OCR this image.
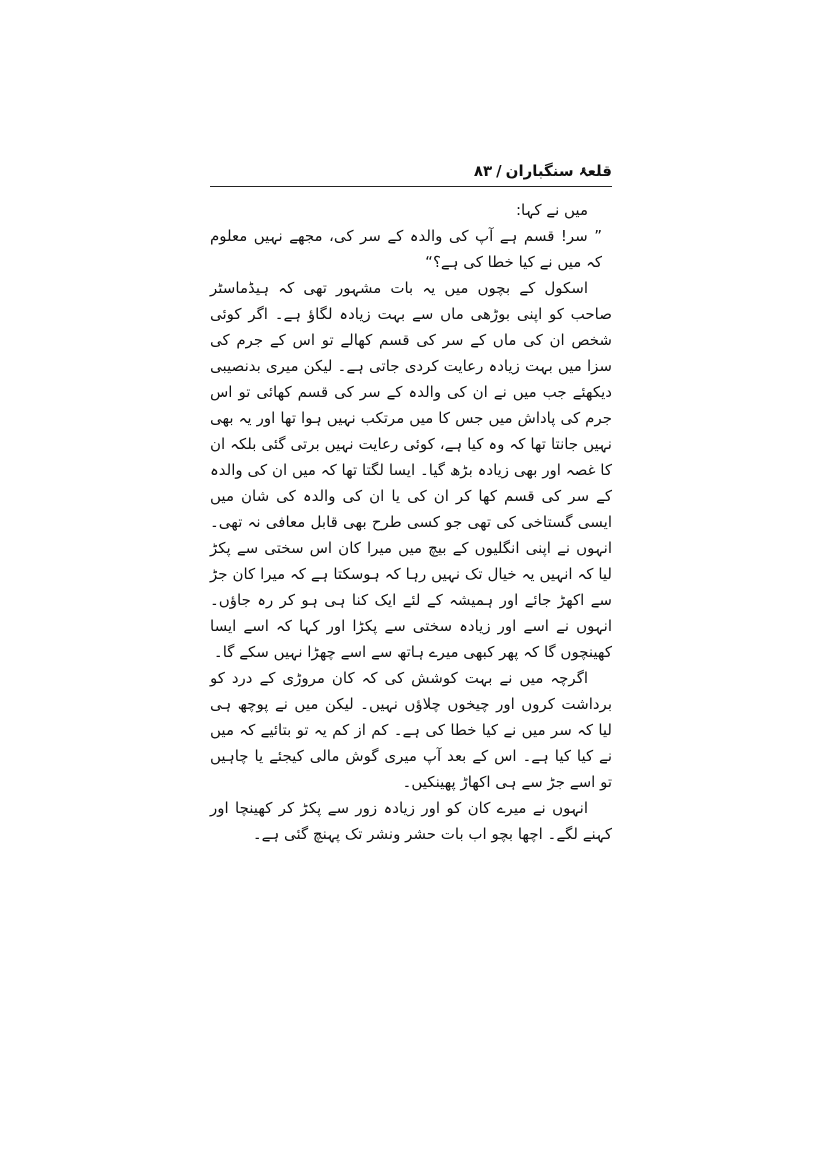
قلعۂ سنگباران/۸۳

میں نے کہا:

” سر! قسم ہے آپ کی والدہ کے سر کی، مجھے نہیں معلوم کہ میں نے کیا خطا کی ہے؟“

اسکول کے بچوں میں یہ بات مشہور تھی کہ ہیڈماسٹر صاحب کو اپنی بوڑھی ماں سے بہت زیادہ لگاؤ ہے۔ اگر کوئی شخص ان کی ماں کے سر کی قسم کھالے تو اس کے جرم کی سزا میں بہت زیادہ رعایت کردی جاتی ہے۔ لیکن میری بدنصیبی دیکھئے جب میں نے ان کی والدہ کے سر کی قسم کھائی تو اس جرم کی پاداش میں جس کا میں مرتکب نہیں ہوا تھا اور یہ بھی نہیں جانتا تھا کہ وہ کیا ہے، کوئی رعایت نہیں برتی گئی بلکہ ان کا غصہ اور بھی زیادہ بڑھ گیا۔ ایسا لگتا تھا کہ میں ان کی والدہ کے سر کی قسم کھا کر ان کی یا ان کی والدہ کی شان میں ایسی گستاخی کی تھی جو کسی طرح بھی قابل معافی نہ تھی۔ انہوں نے اپنی انگلیوں کے بیچ میں میرا کان اس سختی سے پکڑ لیا کہ انہیں یہ خیال تک نہیں رہا کہ ہوسکتا ہے کہ میرا کان جڑ سے اکھڑ جائے اور ہمیشہ کے لئے ایک کنا ہی ہو کر رہ جاؤں۔ انہوں نے اسے اور زیادہ سختی سے پکڑا اور کہا کہ اسے ایسا کھینچوں گا کہ پھر کبھی میرے ہاتھ سے اسے چھڑا نہیں سکے گا۔

اگرچہ میں نے بہت کوشش کی کہ کان مروڑی کے درد کو برداشت کروں اور چیخوں چلاؤں نہیں۔ لیکن میں نے پوچھ ہی لیا کہ سر میں نے کیا خطا کی ہے۔ کم از کم یہ تو بتائیے کہ میں نے کیا کیا ہے۔ اس کے بعد آپ میری گوش مالی کیجئے یا چاہیں تو اسے جڑ سے ہی اکھاڑ پھینکیں۔

انہوں نے میرے کان کو اور زیادہ زور سے پکڑ کر کھینچا اور کہنے لگے۔ اچھا بچو اب بات حشر ونشر تک پہنچ گئی ہے۔
